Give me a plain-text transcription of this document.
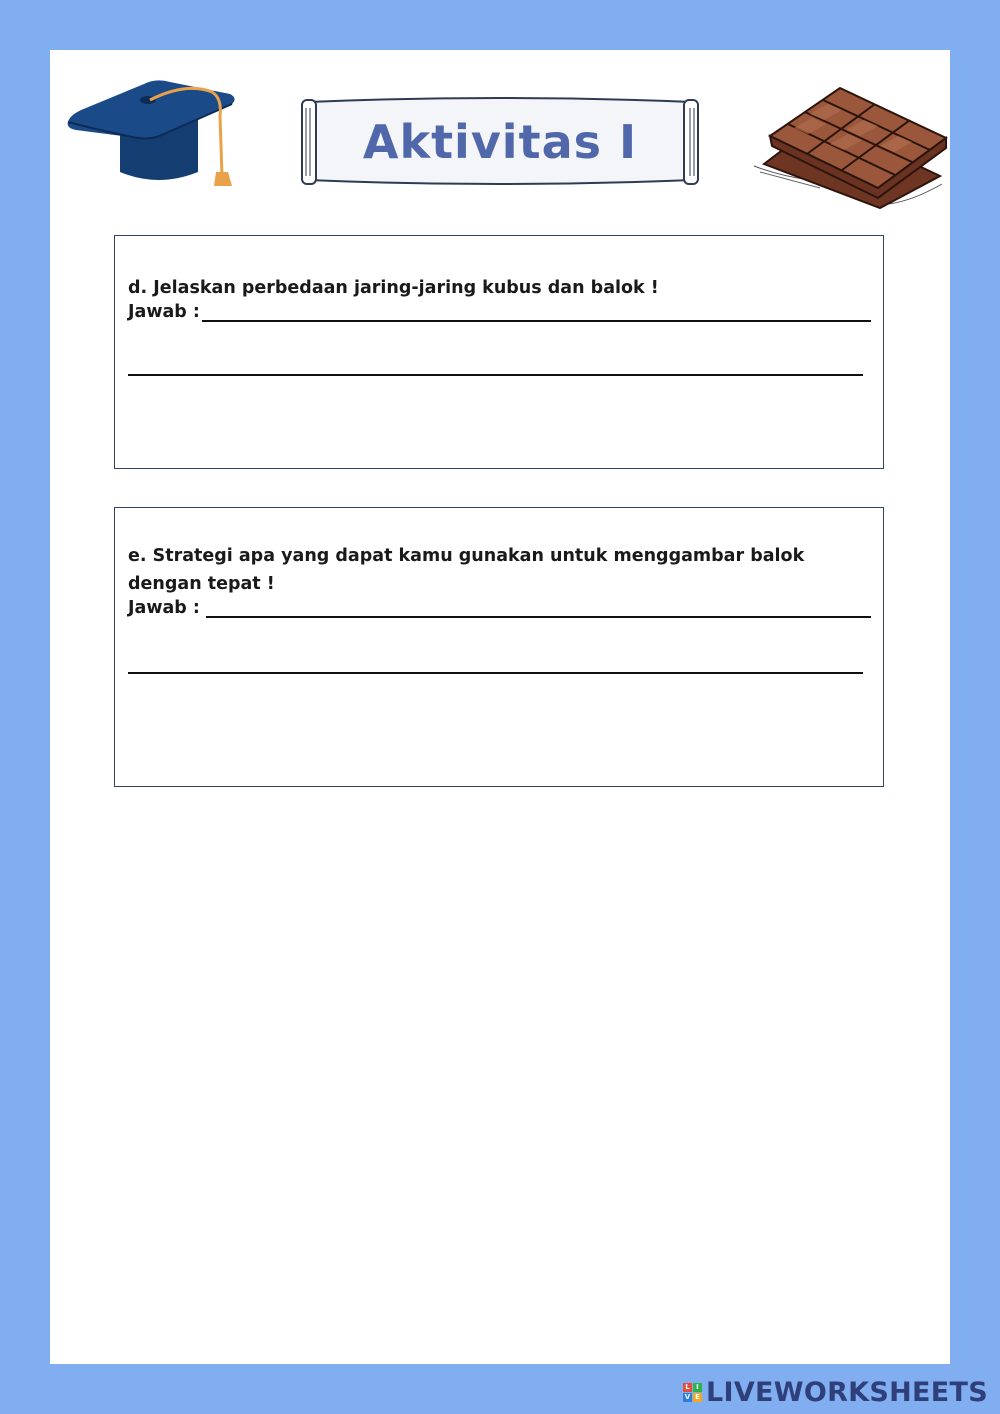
Aktivitas I
d. Jelaskan perbedaan jaring-jaring kubus dan balok !
Jawab :
e. Strategi apa yang dapat kamu gunakan untuk menggambar balok dengan tepat !
Jawab :
L I
V E LIVEWORKSHEETS
